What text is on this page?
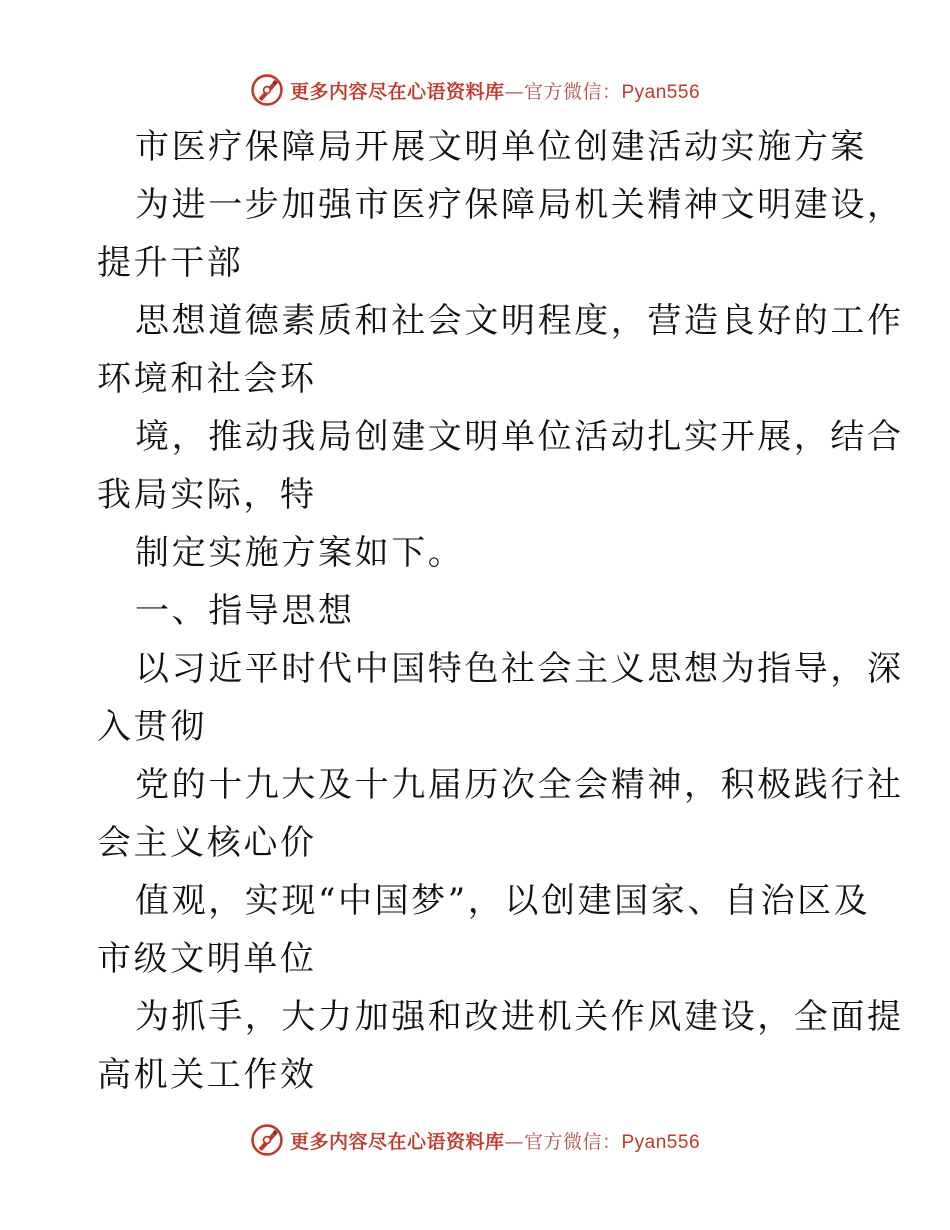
更多内容尽在心语资料库—官方微信：Pyan556
市医疗保障局开展文明单位创建活动实施方案
为进一步加强市医疗保障局机关精神文明建设，
提升干部
思想道德素质和社会文明程度，营造良好的工作
环境和社会环
境，推动我局创建文明单位活动扎实开展，结合
我局实际，特
制定实施方案如下。
一、指导思想
以习近平时代中国特色社会主义思想为指导，深
入贯彻
党的十九大及十九届历次全会精神，积极践行社
会主义核心价
值观，实现“中国梦”，以创建国家、自治区及
市级文明单位
为抓手，大力加强和改进机关作风建设，全面提
高机关工作效
更多内容尽在心语资料库—官方微信：Pyan556
